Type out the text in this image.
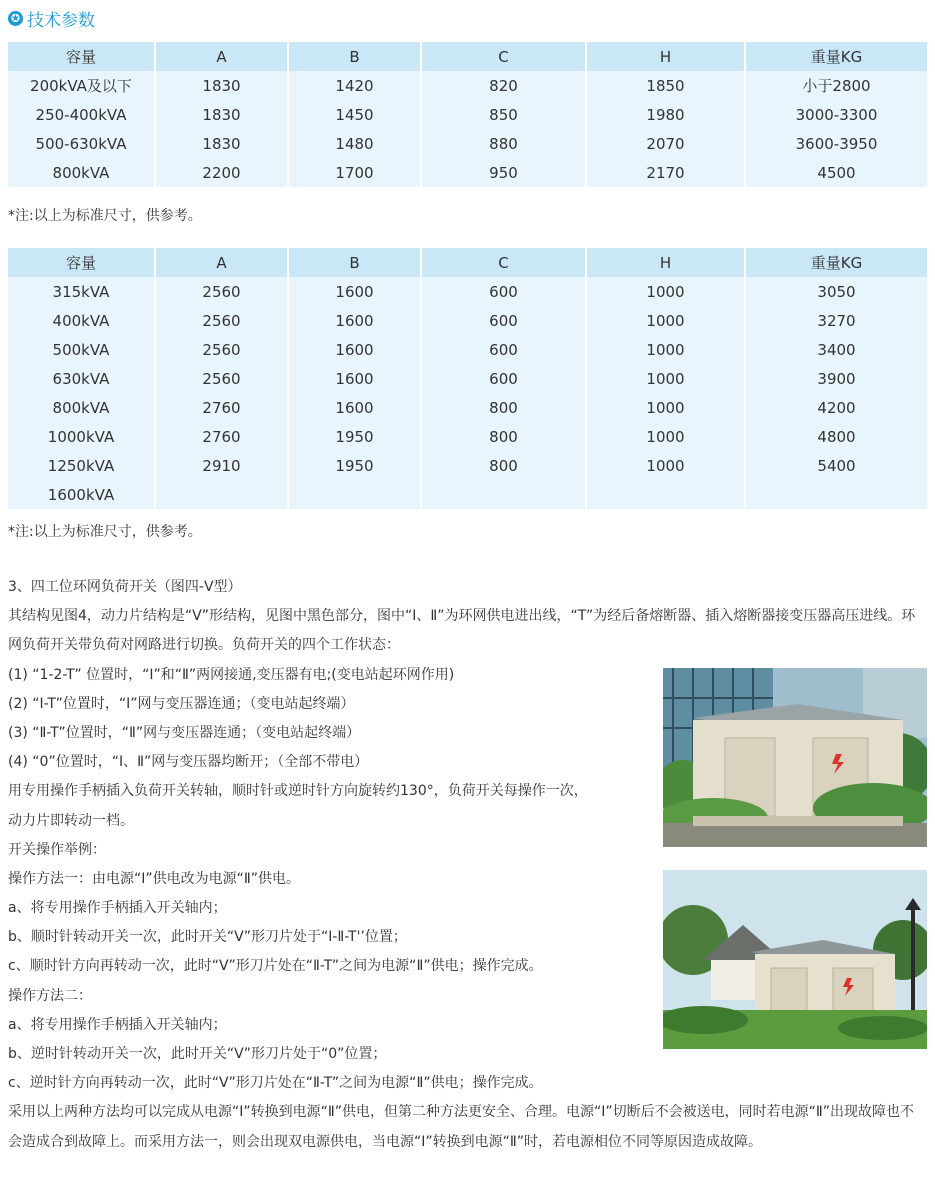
✪ 技术参数
容量	A	B	C	H	重量KG
200kVA及以下	1830	1420	820	1850	小于2800
250-400kVA	1830	1450	850	1980	3000-3300
500-630kVA	1830	1480	880	2070	3600-3950
800kVA	2200	1700	950	2170	4500
*注:以上为标准尺寸，供参考。
容量	A	B	C	H	重量KG
315kVA	2560	1600	600	1000	3050
400kVA	2560	1600	600	1000	3270
500kVA	2560	1600	600	1000	3400
630kVA	2560	1600	600	1000	3900
800kVA	2760	1600	800	1000	4200
1000kVA	2760	1950	800	1000	4800
1250kVA	2910	1950	800	1000	5400
1600kVA					
*注:以上为标准尺寸，供参考。
3、四工位环网负荷开关（图四-V型）
其结构见图4，动力片结构是“V”形结构，见图中黑色部分，图中“Ⅰ、Ⅱ”为环网供电进出线，“T”为经后备熔断器、插入熔断器接变压器高压进线。环网负荷开关带负荷对网路进行切换。负荷开关的四个工作状态：
(1) “1-2-T” 位置时，“Ⅰ”和“Ⅱ”两网接通,变压器有电;(变电站起环网作用)
(2) “Ⅰ-T”位置时，“Ⅰ”网与变压器连通；（变电站起终端）
(3) “Ⅱ-T”位置时，“Ⅱ”网与变压器连通；（变电站起终端）
(4) “0”位置时，“Ⅰ、Ⅱ”网与变压器均断开；（全部不带电）
用专用操作手柄插入负荷开关转轴，顺时针或逆时针方向旋转约130°，负荷开关每操作一次，
动力片即转动一档。
开关操作举例：
操作方法一：由电源“Ⅰ”供电改为电源“Ⅱ”供电。
a、将专用操作手柄插入开关轴内；
b、顺时针转动开关一次，此时开关“V”形刀片处于“Ⅰ-Ⅱ-T'’位置；
c、顺时针方向再转动一次，此时“V”形刀片处在“Ⅱ-T”之间为电源“Ⅱ”供电；操作完成。
操作方法二：
a、将专用操作手柄插入开关轴内；
b、逆时针转动开关一次，此时开关“V”形刀片处于“0”位置；
c、逆时针方向再转动一次，此时“V”形刀片处在“Ⅱ-T”之间为电源“Ⅱ”供电；操作完成。
采用以上两种方法均可以完成从电源“Ⅰ”转换到电源“Ⅱ”供电，但第二种方法更安全、合理。电源“Ⅰ”切断后不会被送电，同时若电源“Ⅱ”出现故障也不会造成合到故障上。而采用方法一，则会出现双电源供电，当电源“Ⅰ”转换到电源“Ⅱ”时，若电源相位不同等原因造成故障。
